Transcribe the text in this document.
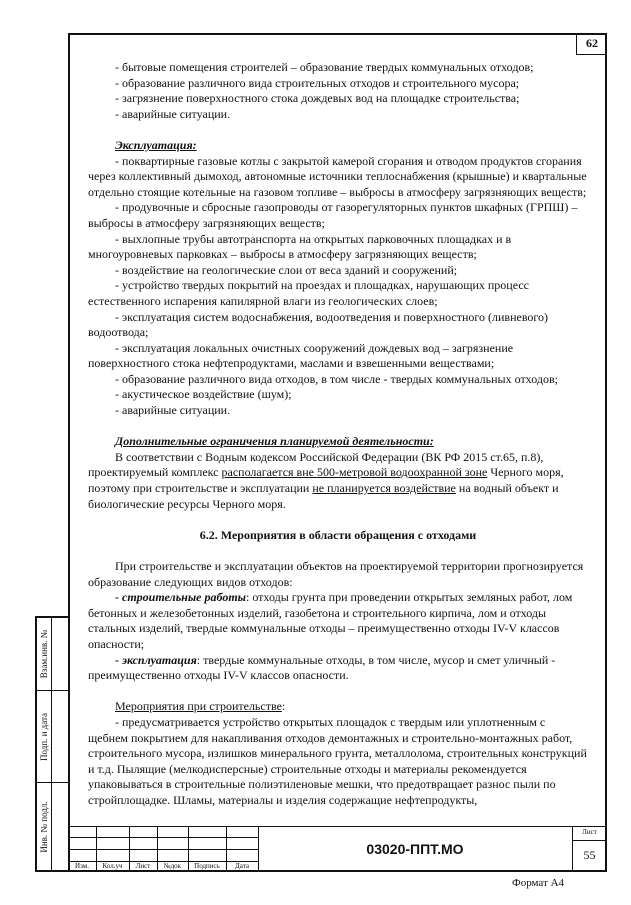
62

- бытовые помещения строителей – образование твердых коммунальных отходов;

- образование различного вида строительных отходов и строительного мусора;

- загрязнение поверхностного стока дождевых вод на площадке строительства;

- аварийные ситуации.

Эксплуатация:

- поквартирные газовые котлы с закрытой камерой сгорания и отводом продуктов сгорания через коллективный дымоход, автономные источники теплоснабжения (крышные) и квартальные отдельно стоящие котельные на газовом топливе – выбросы в атмосферу загрязняющих веществ;

- продувочные и сбросные газопроводы от газорегуляторных пунктов шкафных (ГРПШ) – выбросы в атмосферу загрязняющих веществ;

- выхлопные трубы автотранспорта на открытых парковочных площадках и в многоуровневых парковках – выбросы в атмосферу загрязняющих веществ;

- воздействие на геологические слои от веса зданий и сооружений;

- устройство твердых покрытий на проездах и площадках, нарушающих процесс естественного испарения капилярной влаги из геологических слоев;

- эксплуатация систем водоснабжения, водоотведения и поверхностного (ливневого) водоотвода;

- эксплуатация локальных очистных сооружений дождевых вод – загрязнение поверхностного стока нефтепродуктами, маслами и взвешенными веществами;

- образование различного вида отходов, в том числе - твердых коммунальных отходов;

- акустическое воздействие (шум);

- аварийные ситуации.

Дополнительные ограничения планируемой деятельности:

В соответствии с Водным кодексом Российской Федерации (ВК РФ 2015 ст.65, п.8), проектируемый комплекс располагается вне 500-метровой водоохранной зоне Черного моря, поэтому при строительстве и эксплуатации не планируется воздействие на водный объект и биологические ресурсы Черного моря.

6.2. Мероприятия в области обращения с отходами

При строительстве и эксплуатации объектов на проектируемой территории прогнозируется образование следующих видов отходов:

- строительные работы: отходы грунта при проведении открытых земляных работ, лом бетонных и железобетонных изделий, газобетона и строительного кирпича, лом и отходы стальных изделий, твердые коммунальные отходы – преимущественно отходы IV-V классов опасности;

- эксплуатация: твердые коммунальные отходы, в том числе, мусор и смет уличный - преимущественно отходы IV-V классов опасности.

Мероприятия при строительстве:

- предусматривается устройство открытых площадок с твердым или уплотненным с щебнем покрытием для накапливания отходов демонтажных и строительно-монтажных работ, строительного мусора, излишков минерального грунта, металлолома, строительных конструкций и т.д. Пылящие (мелкодисперсные) строительные отходы и материалы рекомендуется упаковываться в строительные полиэтиленовые мешки, что предотвращает разнос пыли по стройплощадке. Шламы, материалы и изделия содержащие нефтепродукты,

Взам.инв. №
Подп. и дата
Инв. № подл.
Изм.	Кол.уч	Лист	№док	Подпись	Дата
03020-ППТ.МО
Лист
55
Формат А4
